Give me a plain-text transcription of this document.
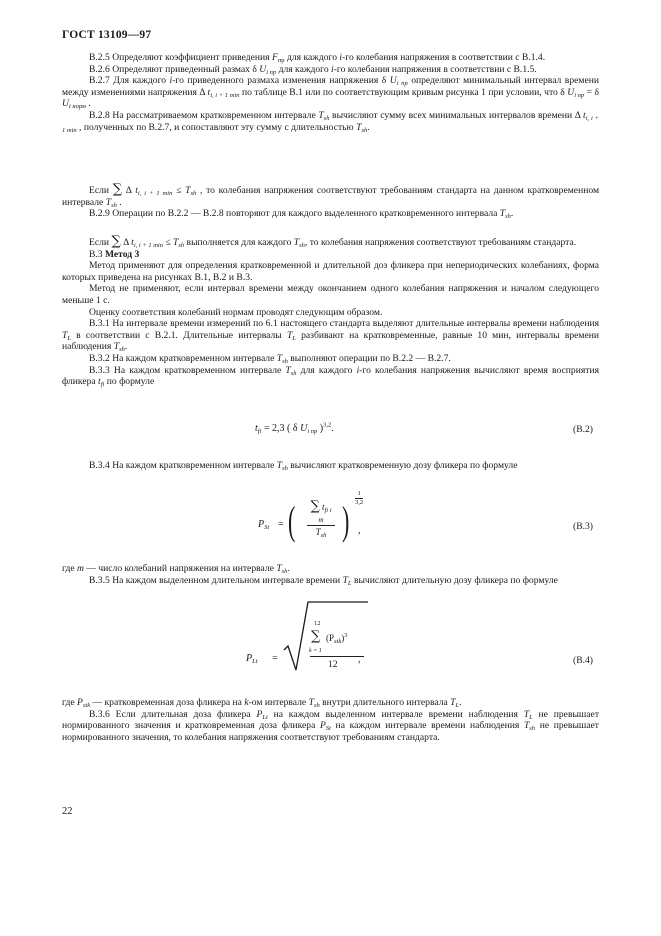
ГОСТ 13109—97

В.2.5 Определяют коэффициент приведения $F_{пр}$ для каждого i-го колебания напряжения в соответствии с В.1.4.

В.2.6 Определяют приведенный размах δ $U_{i пр}$ для каждого i-го колебания напряжения в соответствии с В.1.5.

В.2.7 Для каждого i-го приведенного размаха изменения напряжения δ $U_{i пр}$ определяют минимальный интервал времени между изменениями напряжения Δ $t_{i, i + 1 min}$ по таблице В.1 или по соответствующим кривым рисунка 1 при условии, что δ $U_{i пр} = \delta$ $U_{t норм}$ .

В.2.8 На рассматриваемом кратковременном интервале $T_{sh}$ вычисляют сумму всех минимальных интервалов времени Δ $t_{i, i + 1 min}$ , полученных по В.2.7, и сопоставляют эту сумму с длительностью $T_{sh}$.

Если ∑ Δ $t_{i, i + 1 min} \le T_{sh}$ , то колебания напряжения соответствуют требованиям стандарта на данном кратковременном интервале $T_{sh}$ .

В.2.9 Операции по В.2.2 — В.2.8 повторяют для каждого выделенного кратковременного интервала $T_{sh}$.

Если ∑ Δ $t_{i, i + 1 min} \le T_{sh}$ выполняется для каждого $T_{sh}$, то колебания напряжения соответствуют требованиям стандарта.

В.3 Метод 3

Метод применяют для определения кратковременной и длительной доз фликера при непериодических колебаниях, форма которых приведена на рисунках В.1, В.2 и В.3.

Метод не применяют, если интервал времени между окончанием одного колебания напряжения и началом следующего меньше 1 с.

Оценку соответствия колебаний нормам проводят следующим образом.

В.3.1 На интервале времени измерений по 6.1 настоящего стандарта выделяют длительные интервалы времени наблюдения $T_L$ в соответствии с В.2.1. Длительные интервалы $T_L$ разбивают на кратковременные, равные 10 мин, интервалы времени наблюдения $T_{sh}$.

В.3.2 На каждом кратковременном интервале $T_{sh}$ выполняют операции по В.2.2 — В.2.7.

В.3.3 На каждом кратковременном интервале $T_{sh}$ для каждого i-го колебания напряжения вычисляют время восприятия фликера $t_{fi}$ по формуле

$t_{fi} = 2,3$ ( δ $U_{i пр}$ )$^{3,2}$.	(В.2)

В.3.4 На каждом кратковременном интервале $T_{sh}$ вычисляют кратковременную дозу фликера по формуле

$P_{St}$ = ( ∑ $t_{fi i}$
m
$T_{sh}$ )
1
3,2
,	(В.3)

где m — число колебаний напряжения на интервале $T_{sh}$.

В.3.5 На каждом выделенном длительном интервале времени $T_L$ вычисляют длительную дозу фликера по формуле

$P_{Lt}$ =
12
∑ $(P_{stk})^3$
k = 1
12 ,	(В.4)

где $P_{stk}$ — кратковременная доза фликера на k-ом интервале $T_{sh}$ внутри длительного интервала $T_L$.

В.3.6 Если длительная доза фликера $P_{Lt}$ на каждом выделенном интервале времени наблюдения $T_L$ не превышает нормированного значения и кратковременная доза фликера $P_{St}$ на каждом интервале времени наблюдения $T_{sh}$ не превышает нормированного значения, то колебания напряжения соответствуют требованиям стандарта.

22
